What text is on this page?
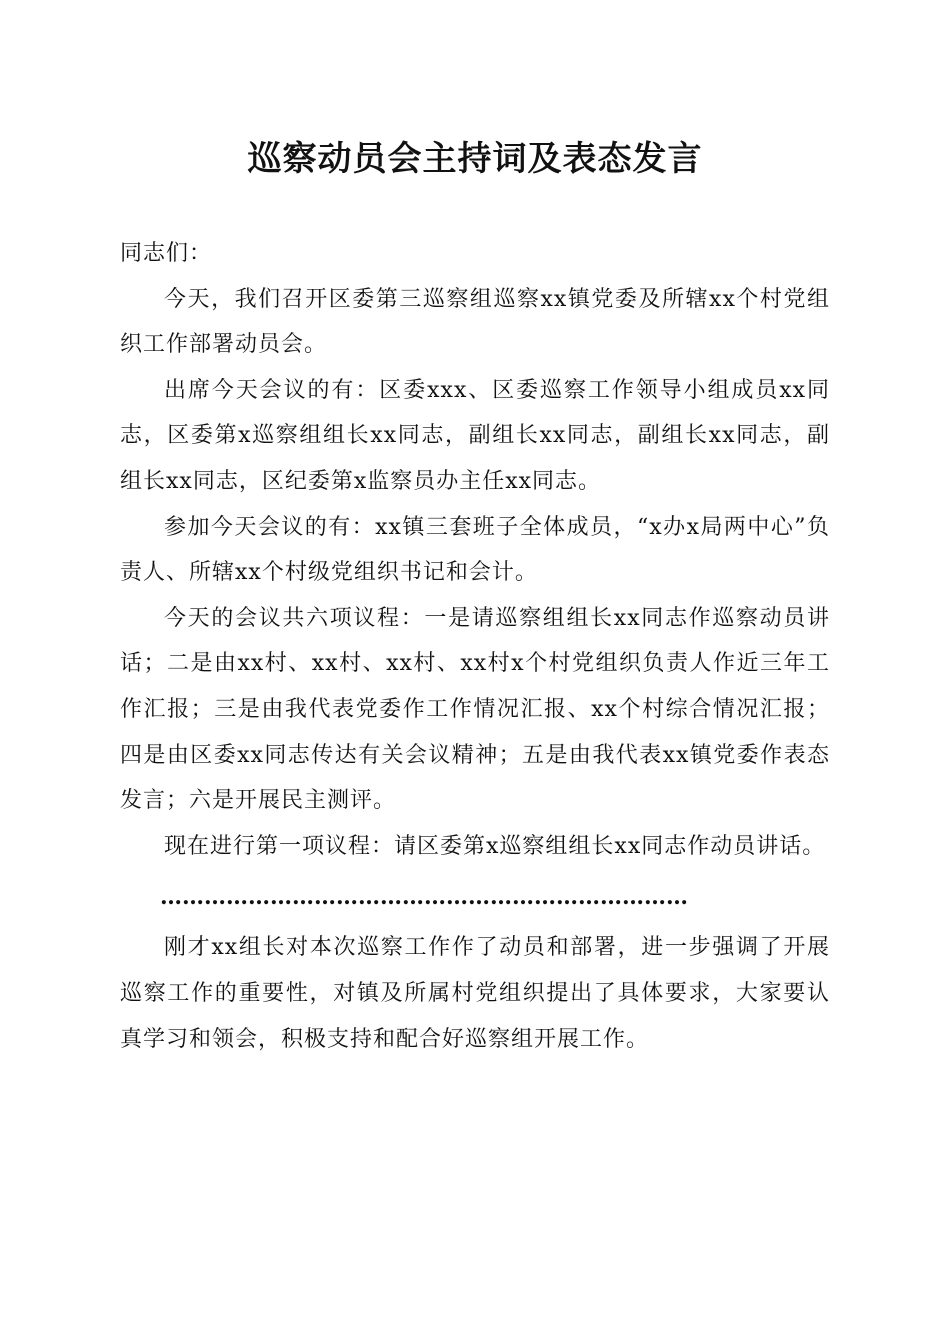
巡察动员会主持词及表态发言

同志们：

今天，我们召开区委第三巡察组巡察xx镇党委及所辖xx个村党组织工作部署动员会。

出席今天会议的有：区委xxx、区委巡察工作领导小组成员xx同志，区委第x巡察组组长xx同志，副组长xx同志，副组长xx同志，副组长xx同志，区纪委第x监察员办主任xx同志。

参加今天会议的有：xx镇三套班子全体成员，“x办x局两中心”负责人、所辖xx个村级党组织书记和会计。

今天的会议共六项议程：一是请巡察组组长xx同志作巡察动员讲话；二是由xx村、xx村、xx村、xx村x个村党组织负责人作近三年工作汇报；三是由我代表党委作工作情况汇报、xx个村综合情况汇报；四是由区委xx同志传达有关会议精神；五是由我代表xx镇党委作表态发言；六是开展民主测评。

现在进行第一项议程：请区委第x巡察组组长xx同志作动员讲话。

………………………………………………………………

刚才xx组长对本次巡察工作作了动员和部署，进一步强调了开展巡察工作的重要性，对镇及所属村党组织提出了具体要求，大家要认真学习和领会，积极支持和配合好巡察组开展工作。
